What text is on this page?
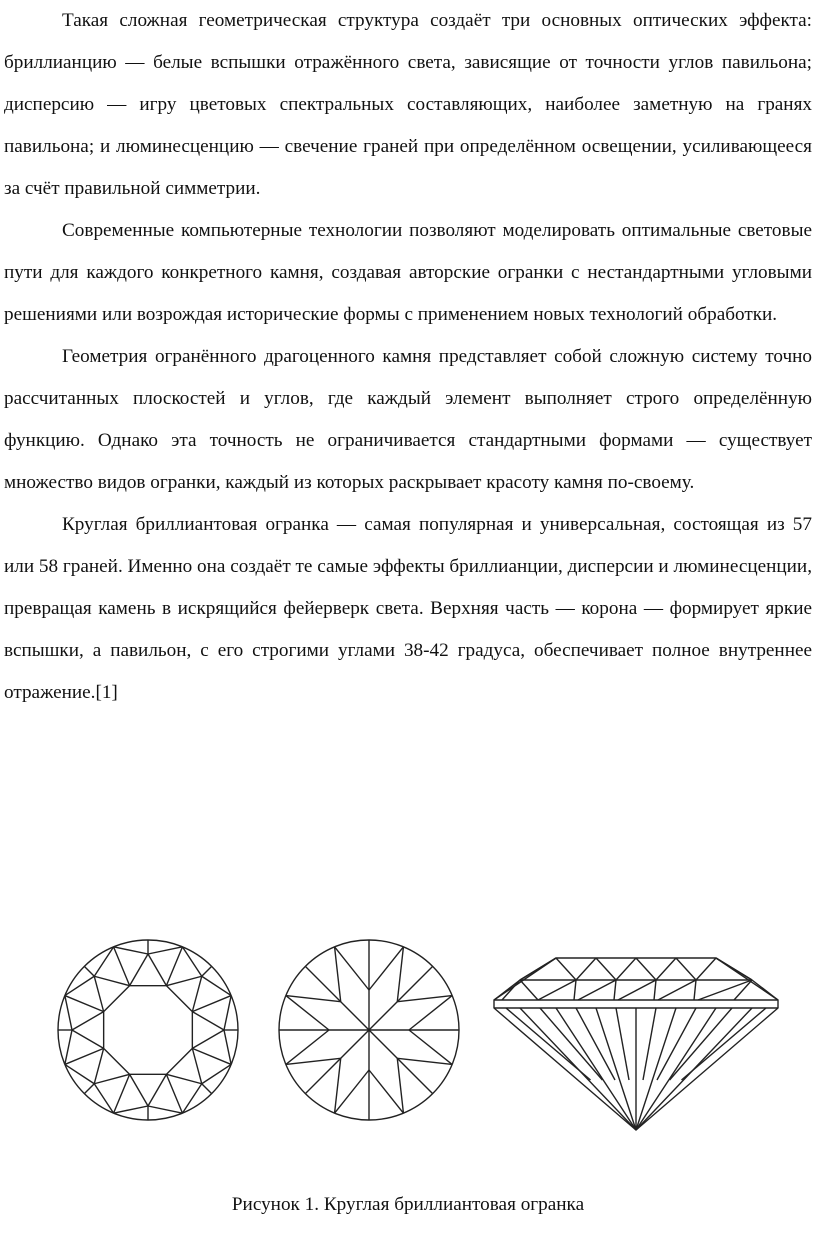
Такая сложная геометрическая структура создаёт три основных оптических эффекта: бриллианцию — белые вспышки отражённого света, зависящие от точности углов павильона; дисперсию — игру цветовых спектральных составляющих, наиболее заметную на гранях павильона; и люминесценцию — свечение граней при определённом освещении, усиливающееся за счёт правильной симметрии.

Современные компьютерные технологии позволяют моделировать оптимальные световые пути для каждого конкретного камня, создавая авторские огранки с нестандартными угловыми решениями или возрождая исторические формы с применением новых технологий обработки.

Геометрия огранённого драгоценного камня представляет собой сложную систему точно рассчитанных плоскостей и углов, где каждый элемент выполняет строго определённую функцию. Однако эта точность не ограничивается стандартными формами — существует множество видов огранки, каждый из которых раскрывает красоту камня по-своему.

Круглая бриллиантовая огранка — самая популярная и универсальная, состоящая из 57 или 58 граней. Именно она создаёт те самые эффекты бриллианции, дисперсии и люминесценции, превращая камень в искрящийся фейерверк света. Верхняя часть — корона — формирует яркие вспышки, а павильон, с его строгими углами 38-42 градуса, обеспечивает полное внутреннее отражение.[1]

Рисунок 1. Круглая бриллиантовая огранка
